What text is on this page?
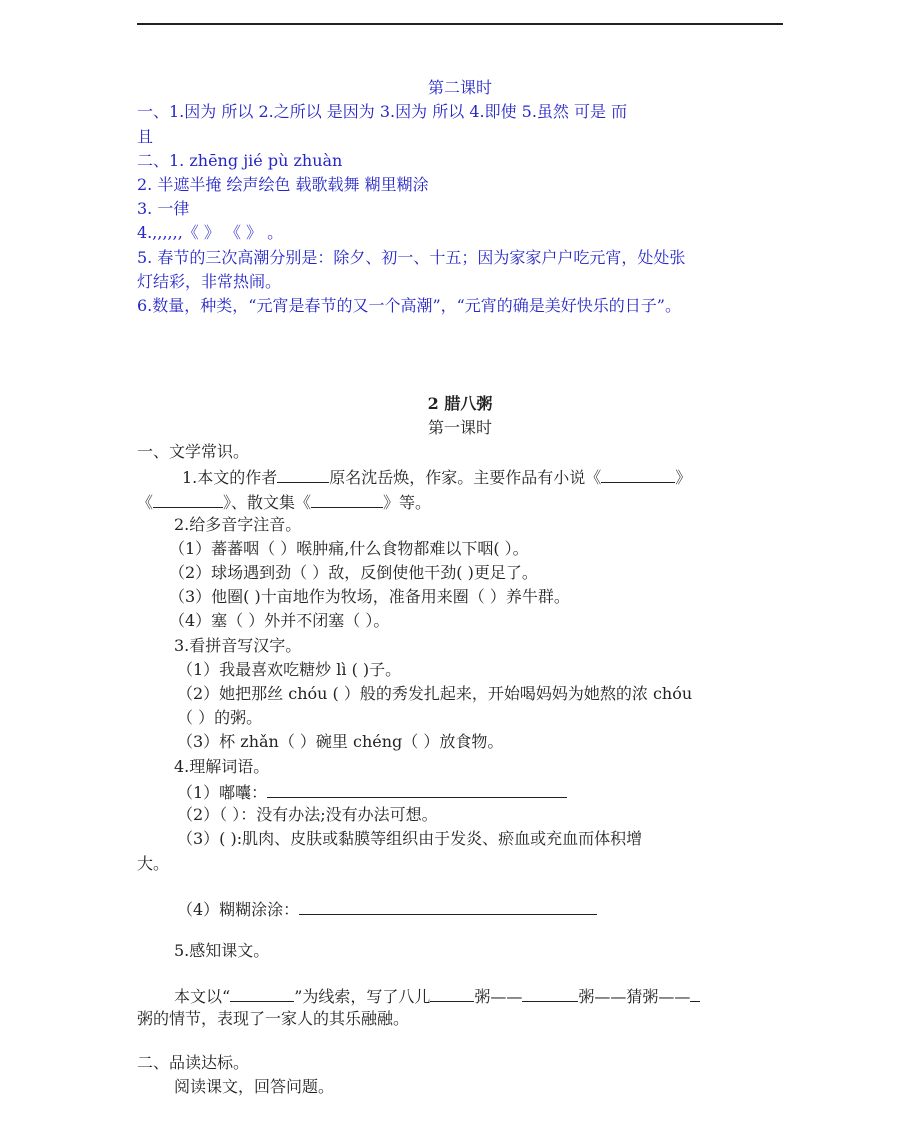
第二课时
一、1.因为 所以 2.之所以 是因为 3.因为 所以 4.即使 5.虽然 可是 而
且
二、1. zhēng jié pù zhuàn
2. 半遮半掩 绘声绘色 载歌载舞 糊里糊涂
3. 一律
4.,,,,,,《 》 《 》 。
5. 春节的三次高潮分别是：除夕、初一、十五；因为家家户户吃元宵，处处张
灯结彩，非常热闹。
6.数量，种类，“元宵是春节的又一个高潮”，“元宵的确是美好快乐的日子”。
2 腊八粥
第一课时
一、文学常识。
1.本文的作者	原名沈岳焕，作家。主要作品有小说《	》
《	》、散文集《	》等。
2.给多音字注音。
（1）蕃蕃咽（ ）喉肿痛,什么食物都难以下咽( ）。
（2）球场遇到劲（ ）敌，反倒使他干劲( )更足了。
（3）他圈( )十亩地作为牧场，准备用来圈（ ）养牛群。
（4）塞（ ）外并不闭塞（ ）。
3.看拼音写汉字。
（1）我最喜欢吃糖炒 lì ( )子。
（2）她把那丝 chóu ( ）般的秀发扎起来，开始喝妈妈为她熬的浓 chóu
（ ）的粥。
（3）杯 zhǎn（ ）碗里 chéng（ ）放食物。
4.理解词语。
（1）嘟囔：
（2）（ ）：没有办法;没有办法可想。
（3）( ):肌肉、皮肤或黏膜等组织由于发炎、瘀血或充血而体积增
大。
（4）糊糊涂涂：
5.感知课文。
本文以“	”为线索，写了八儿	粥——	粥——猜粥——
粥的情节，表现了一家人的其乐融融。
二、品读达标。
阅读课文，回答问题。
